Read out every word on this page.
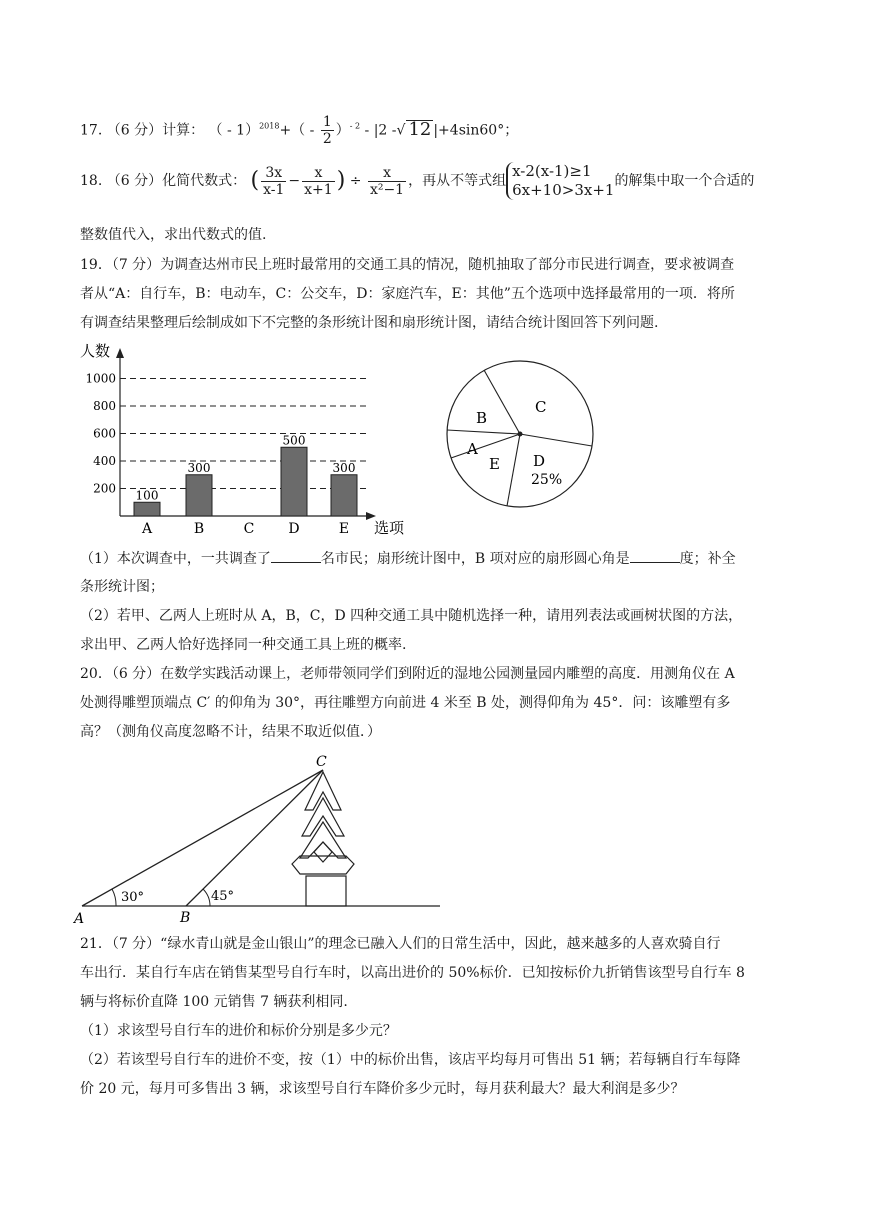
17. （6 分）计算： （ - $1)^{2018}+( - \frac{1}{2} )^{- 2} - |2$ -√ 12 |+4sin60°；
18. （6 分）化简代数式： ( $\frac{3x}{x-1} - \frac{x}{x+1}$ ) ÷ $\frac{x}{\text{x²−1}}$ ，再从不等式组
x-2(x-1)≥1
6x+10>3x+1 的解集中取一个合适的
整数值代入，求出代数式的值.
19．（7 分）为调查达州市民上班时最常用的交通工具的情况，随机抽取了部分市民进行调查，要求被调查
者从“A：自行车，B：电动车，C：公交车，D：家庭汽车，E：其他”五个选项中选择最常用的一项．将所
有调查结果整理后绘制成如下不完整的条形统计图和扇形统计图，请结合统计图回答下列问题.
人数
选项
200
400
600
800
1000
100
A
300
B	C
500
D
300
E
C
B
A
E D
25%
（1）本次调查中，一共调查了	名市民；扇形统计图中，B 项对应的扇形圆心角是	度；补全
条形统计图；
（2）若甲、乙两人上班时从 A，B，C，D 四种交通工具中随机选择一种，请用列表法或画树状图的方法，
求出甲、乙两人恰好选择同一种交通工具上班的概率.
20．（6 分）在数学实践活动课上，老师带领同学们到附近的湿地公园测量园内雕塑的高度．用测角仪在 A
处测得雕塑顶端点 C′ 的仰角为 30°，再往雕塑方向前进 4 米至 B 处，测得仰角为 45°．问：该雕塑有多
高？（测角仪高度忽略不计，结果不取近似值．）
30°	45°
A	B
C
21．（7 分）“绿水青山就是金山银山”的理念已融入人们的日常生活中，因此，越来越多的人喜欢骑自行
车出行．某自行车店在销售某型号自行车时，以高出进价的 50%标价．已知按标价九折销售该型号自行车 8
辆与将标价直降 100 元销售 7 辆获利相同.
（1）求该型号自行车的进价和标价分别是多少元？
（2）若该型号自行车的进价不变，按（1）中的标价出售，该店平均每月可售出 51 辆；若每辆自行车每降
价 20 元，每月可多售出 3 辆，求该型号自行车降价多少元时，每月获利最大？最大利润是多少？
